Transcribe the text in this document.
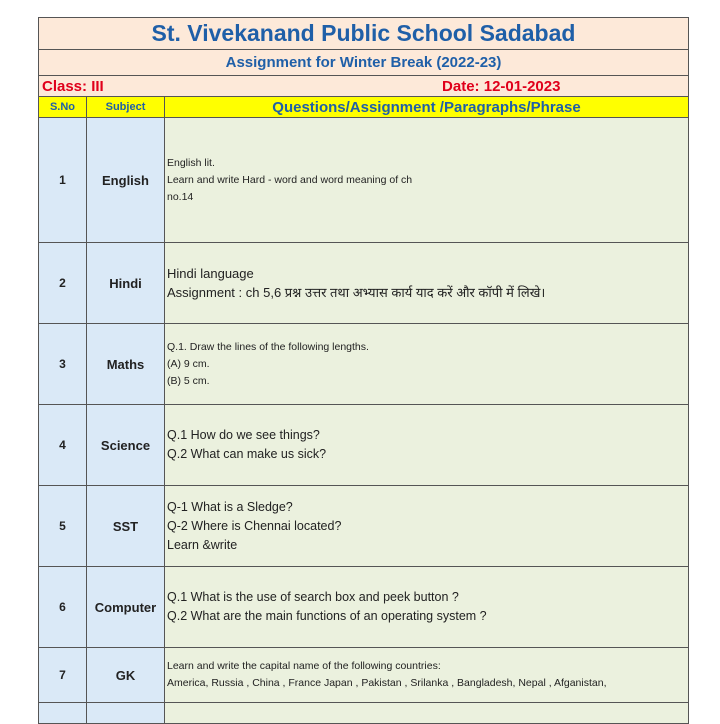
St. Vivekanand Public School Sadabad		
Assignment for Winter Break (2022-23)		
Class: III		Date: 12-01-2023
S.No	Subject	Questions/Assignment /Paragraphs/Phrase
1	English	English lit.
Learn and write Hard - word and word meaning of ch
no.14

2	Hindi	Hindi language
Assignment : ch 5,6 प्रश्न उत्तर तथा अभ्यास कार्य याद करें और कॉपी में लिखे।

3	Maths	Q.1. Draw the lines of the following lengths.
(A) 9 cm.
(B) 5 cm.

4	Science	Q.1 How do we see things?
Q.2 What can make us sick?

5	SST	Q-1 What is a Sledge?
Q-2 Where is Chennai located?
Learn &write

6	Computer	Q.1 What is the use of search box and peek button ?
Q.2 What are the main functions of an operating system ?

7	GK	Learn and write the capital name of the following countries:
America, Russia , China , France Japan , Pakistan , Srilanka , Bangladesh, Nepal , Afganistan,
